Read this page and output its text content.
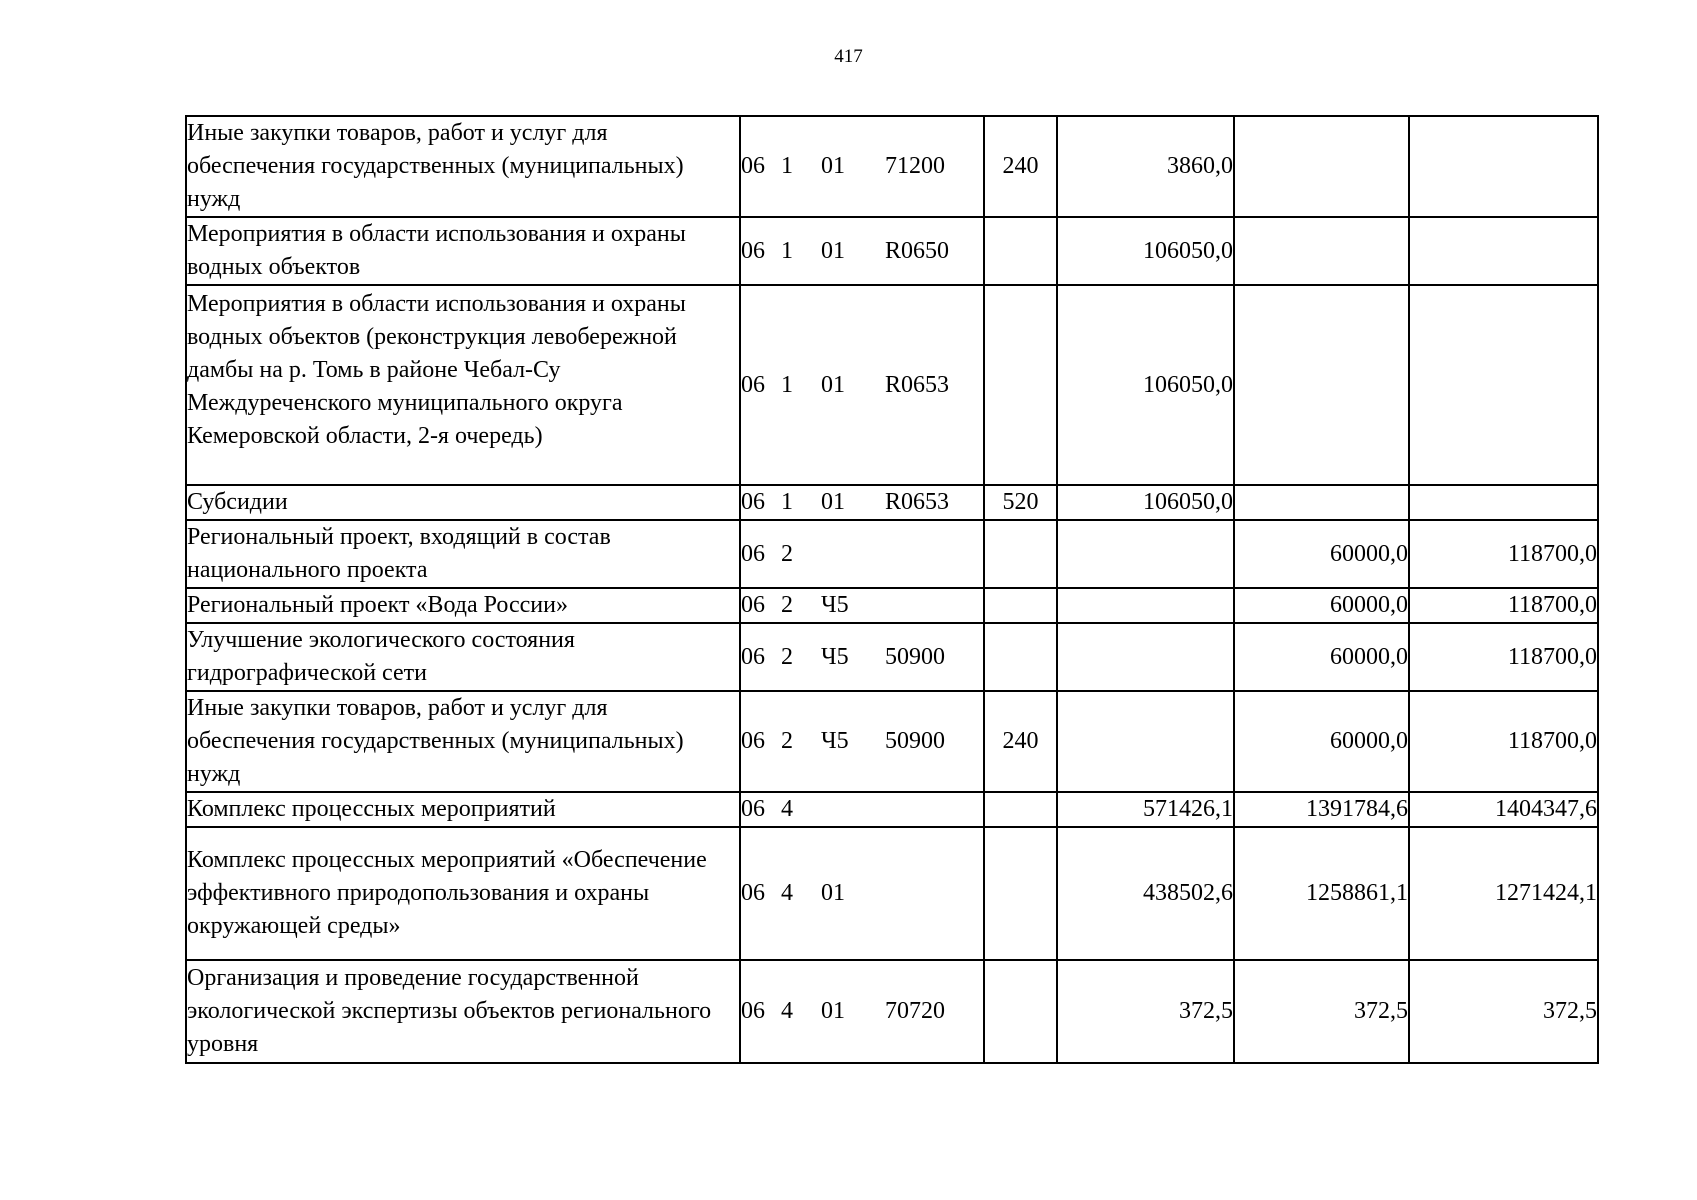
417
Иные закупки товаров, работ и услуг для обеспечения государственных (муниципальных) нужд	06 1 01 71200	240	3860,0		
Мероприятия в области использования и охраны водных объектов	06 1 01 R0650		106050,0		
Мероприятия в области использования и охраны водных объектов (реконструкция левобережной дамбы на р. Томь в районе Чебал-Су Междуреченского муниципального округа Кемеровской области, 2-я очередь)	06 1 01 R0653		106050,0		
Субсидии	06 1 01 R0653	520	106050,0		
Региональный проект, входящий в состав национального проекта	06 2			60000,0	118700,0
Региональный проект «Вода России»	06 2 Ч5			60000,0	118700,0
Улучшение экологического состояния гидрографической сети	06 2 Ч5 50900			60000,0	118700,0
Иные закупки товаров, работ и услуг для обеспечения государственных (муниципальных) нужд	06 2 Ч5 50900	240		60000,0	118700,0
Комплекс процессных мероприятий	06 4		571426,1	1391784,6	1404347,6
Комплекс процессных мероприятий «Обеспечение эффективного природопользования и охраны окружающей среды»	06 4 01		438502,6	1258861,1	1271424,1
Организация и проведение государственной экологической экспертизы объектов регионального уровня	06 4 01 70720		372,5	372,5	372,5
